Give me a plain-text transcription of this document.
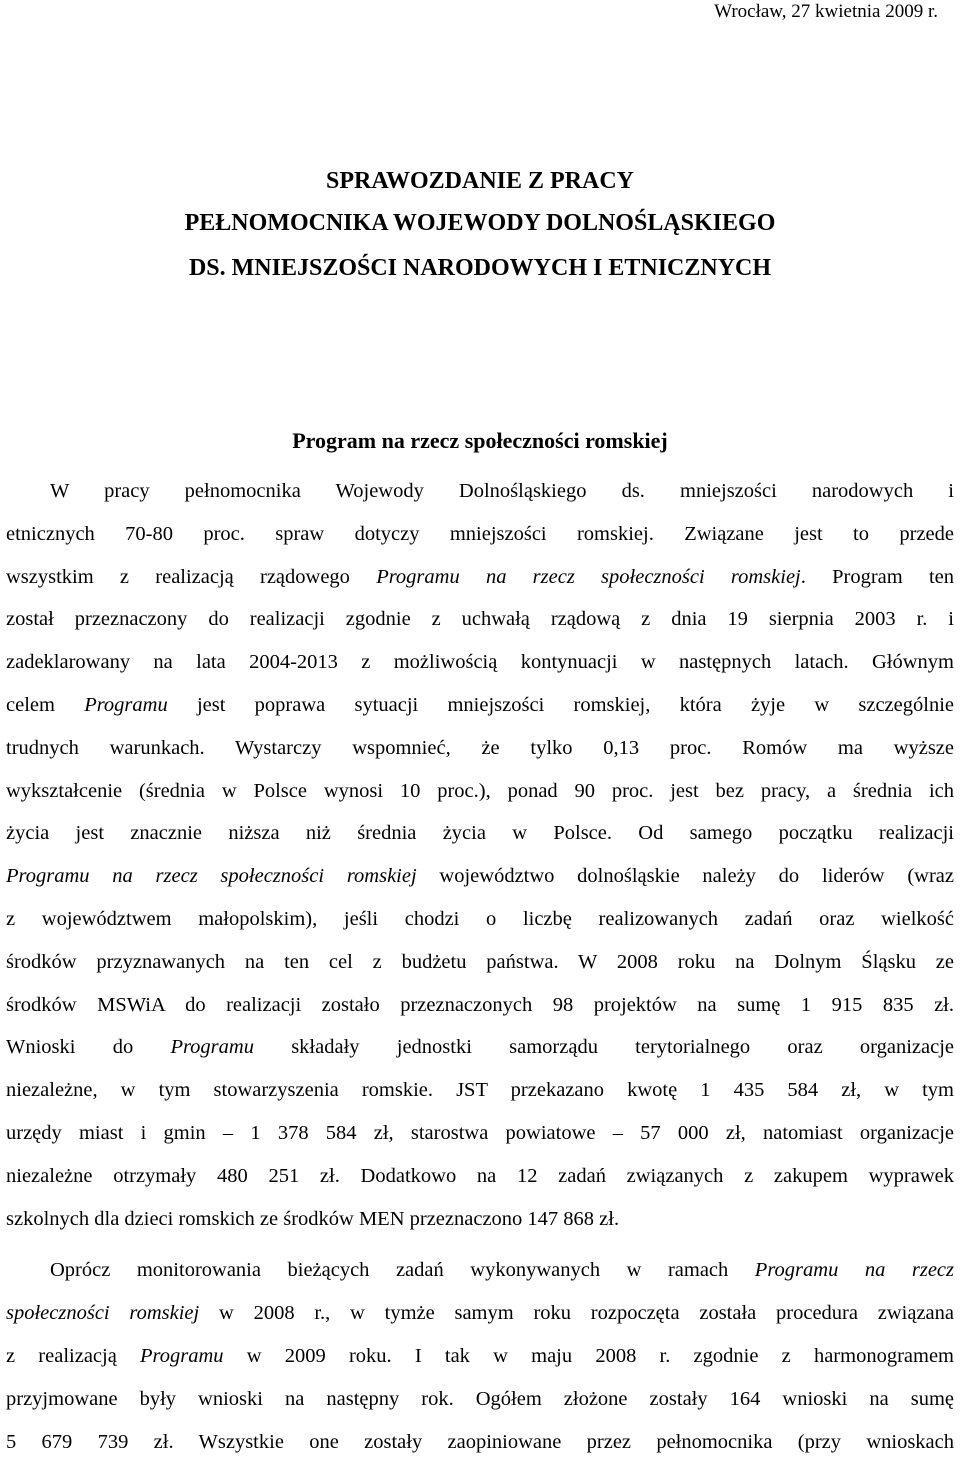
Wrocław, 27 kwietnia 2009 r.
SPRAWOZDANIE Z PRACY
PEŁNOMOCNIKA WOJEWODY DOLNOŚLĄSKIEGO
DS. MNIEJSZOŚCI NARODOWYCH I ETNICZNYCH
Program na rzecz społeczności romskiej
W pracy pełnomocnika Wojewody Dolnośląskiego ds. mniejszości narodowych i
etnicznych 70-80 proc. spraw dotyczy mniejszości romskiej. Związane jest to przede
wszystkim z realizacją rządowego Programu na rzecz społeczności romskiej. Program ten
został przeznaczony do realizacji zgodnie z uchwałą rządową z dnia 19 sierpnia 2003 r. i
zadeklarowany na lata 2004-2013 z możliwością kontynuacji w następnych latach. Głównym
celem Programu jest poprawa sytuacji mniejszości romskiej, która żyje w szczególnie
trudnych warunkach. Wystarczy wspomnieć, że tylko 0,13 proc. Romów ma wyższe
wykształcenie (średnia w Polsce wynosi 10 proc.), ponad 90 proc. jest bez pracy, a średnia ich
życia jest znacznie niższa niż średnia życia w Polsce. Od samego początku realizacji
Programu na rzecz społeczności romskiej województwo dolnośląskie należy do liderów (wraz
z województwem małopolskim), jeśli chodzi o liczbę realizowanych zadań oraz wielkość
środków przyznawanych na ten cel z budżetu państwa. W 2008 roku na Dolnym Śląsku ze
środków MSWiA do realizacji zostało przeznaczonych 98 projektów na sumę 1 915 835 zł.
Wnioski do Programu składały jednostki samorządu terytorialnego oraz organizacje
niezależne, w tym stowarzyszenia romskie. JST przekazano kwotę 1 435 584 zł, w tym
urzędy miast i gmin – 1 378 584 zł, starostwa powiatowe – 57 000 zł, natomiast organizacje
niezależne otrzymały 480 251 zł. Dodatkowo na 12 zadań związanych z zakupem wyprawek
szkolnych dla dzieci romskich ze środków MEN przeznaczono 147 868 zł.
Oprócz monitorowania bieżących zadań wykonywanych w ramach Programu na rzecz
społeczności romskiej w 2008 r., w tymże samym roku rozpoczęta została procedura związana
z realizacją Programu w 2009 roku. I tak w maju 2008 r. zgodnie z harmonogramem
przyjmowane były wnioski na następny rok. Ogółem złożone zostały 164 wnioski na sumę
5 679 739 zł. Wszystkie one zostały zaopiniowane przez pełnomocnika (przy wnioskach
